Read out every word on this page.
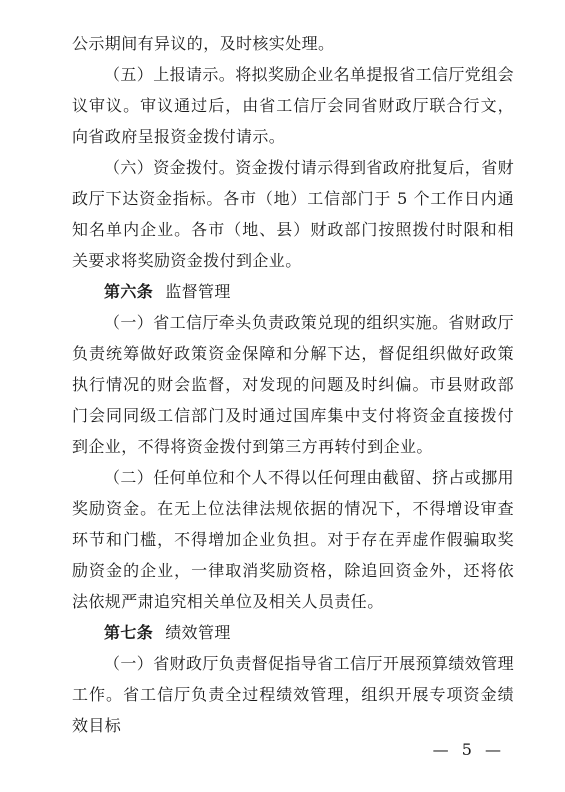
公示期间有异议的，及时核实处理。

（五）上报请示。将拟奖励企业名单提报省工信厅党组会议审议。审议通过后，由省工信厅会同省财政厅联合行文，向省政府呈报资金拨付请示。

（六）资金拨付。资金拨付请示得到省政府批复后，省财政厅下达资金指标。各市（地）工信部门于 5 个工作日内通知名单内企业。各市（地、县）财政部门按照拨付时限和相关要求将奖励资金拨付到企业。

第六条 监督管理

（一）省工信厅牵头负责政策兑现的组织实施。省财政厅负责统筹做好政策资金保障和分解下达，督促组织做好政策执行情况的财会监督，对发现的问题及时纠偏。市县财政部门会同同级工信部门及时通过国库集中支付将资金直接拨付到企业，不得将资金拨付到第三方再转付到企业。

（二）任何单位和个人不得以任何理由截留、挤占或挪用奖励资金。在无上位法律法规依据的情况下，不得增设审查环节和门槛，不得增加企业负担。对于存在弄虚作假骗取奖励资金的企业，一律取消奖励资格，除追回资金外，还将依法依规严肃追究相关单位及相关人员责任。

第七条 绩效管理

（一）省财政厅负责督促指导省工信厅开展预算绩效管理工作。省工信厅负责全过程绩效管理，组织开展专项资金绩效目标

— 5 —
